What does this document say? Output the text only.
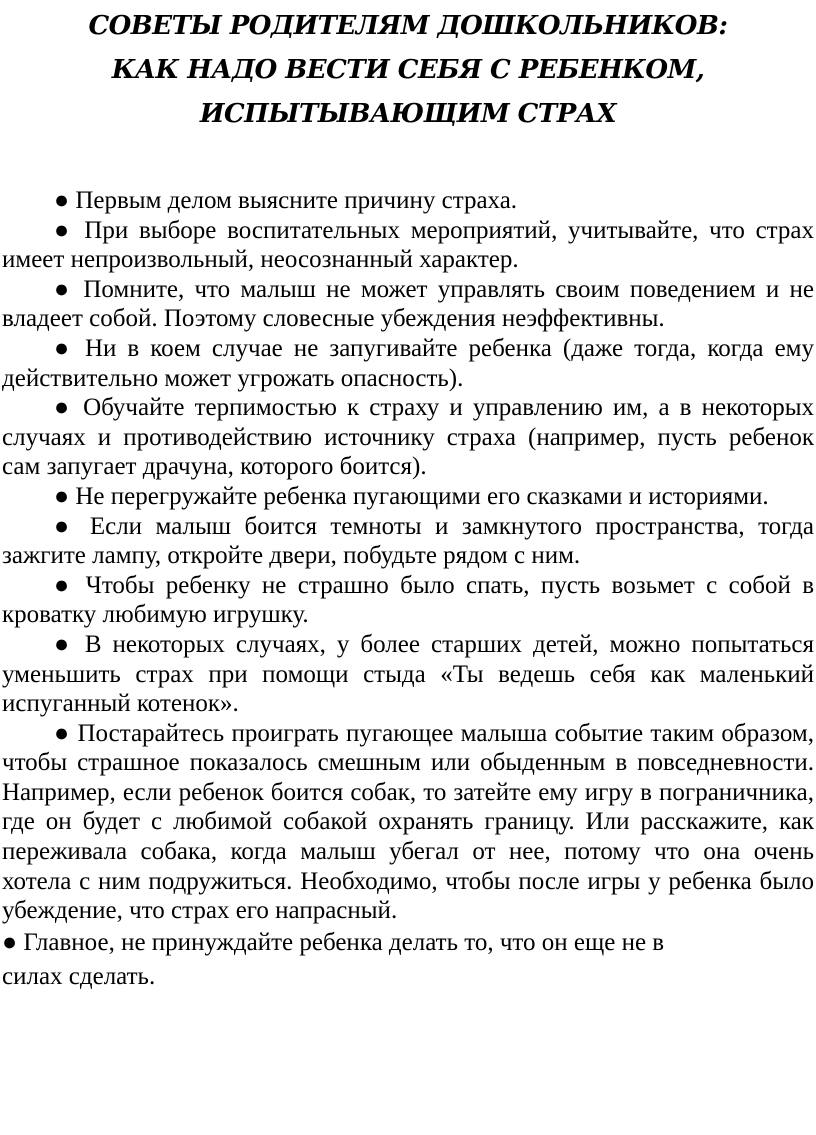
СОВЕТЫ РОДИТЕЛЯМ ДОШКОЛЬНИКОВ:
КАК НАДО ВЕСТИ СЕБЯ С РЕБЕНКОМ,
ИСПЫТЫВАЮЩИМ СТРАХ

● Первым делом выясните причину страха.

● При выборе воспитательных мероприятий, учитывайте, что страх имеет непроизвольный, неосознанный характер.

● Помните, что малыш не может управлять своим поведением и не владеет собой. Поэтому словесные убеждения неэффективны.

● Ни в коем случае не запугивайте ребенка (даже тогда, когда ему действительно может угрожать опасность).

● Обучайте терпимостью к страху и управлению им, а в некоторых случаях и противодействию источнику страха (например, пусть ребенок сам запугает драчуна, которого боится).

● Не перегружайте ребенка пугающими его сказками и историями.

● Если малыш боится темноты и замкнутого пространства, тогда зажгите лампу, откройте двери, побудьте рядом с ним.

● Чтобы ребенку не страшно было спать, пусть возьмет с собой в кроватку любимую игрушку.

● В некоторых случаях, у более старших детей, можно попытаться уменьшить страх при помощи стыда «Ты ведешь себя как маленький испуганный котенок».

● Постарайтесь проиграть пугающее малыша событие таким образом, чтобы страшное показалось смешным или обыденным в повседневности. Например, если ребенок боится собак, то затейте ему игру в пограничника, где он будет с любимой собакой охранять границу. Или расскажите, как переживала собака, когда малыш убегал от нее, потому что она очень хотела с ним подружиться. Необходимо, чтобы после игры у ребенка было убеждение, что страх его напрасный.

● Главное, не принуждайте ребенка делать то, что он еще не в
силах сделать.
